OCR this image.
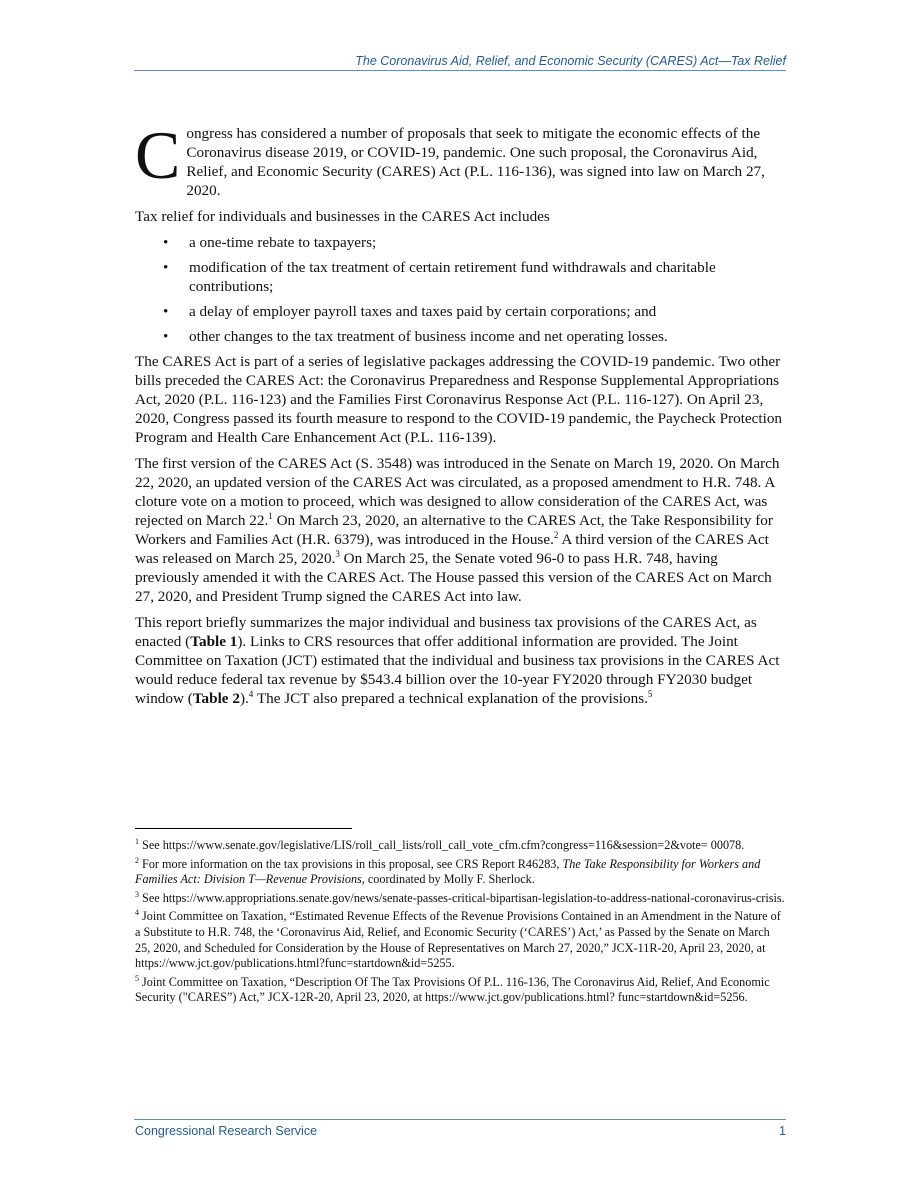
The Coronavirus Aid, Relief, and Economic Security (CARES) Act—Tax Relief

Congress has considered a number of proposals that seek to mitigate the economic effects of the Coronavirus disease 2019, or COVID-19, pandemic. One such proposal, the Coronavirus Aid, Relief, and Economic Security (CARES) Act (P.L. 116-136), was signed into law on March 27, 2020.

Tax relief for individuals and businesses in the CARES Act includes

• a one-time rebate to taxpayers;
• modification of the tax treatment of certain retirement fund withdrawals and charitable contributions;
• a delay of employer payroll taxes and taxes paid by certain corporations; and
• other changes to the tax treatment of business income and net operating losses.

The CARES Act is part of a series of legislative packages addressing the COVID-19 pandemic. Two other bills preceded the CARES Act: the Coronavirus Preparedness and Response Supplemental Appropriations Act, 2020 (P.L. 116-123) and the Families First Coronavirus Response Act (P.L. 116-127). On April 23, 2020, Congress passed its fourth measure to respond to the COVID-19 pandemic, the Paycheck Protection Program and Health Care Enhancement Act (P.L. 116-139).

The first version of the CARES Act (S. 3548) was introduced in the Senate on March 19, 2020. On March 22, 2020, an updated version of the CARES Act was circulated, as a proposed amendment to H.R. 748. A cloture vote on a motion to proceed, which was designed to allow consideration of the CARES Act, was rejected on March 22.$^1$ On March 23, 2020, an alternative to the CARES Act, the Take Responsibility for Workers and Families Act (H.R. 6379), was introduced in the House.$^2$ A third version of the CARES Act was released on March 25, 2020.$^3$ On March 25, the Senate voted 96-0 to pass H.R. 748, having previously amended it with the CARES Act. The House passed this version of the CARES Act on March 27, 2020, and President Trump signed the CARES Act into law.

This report briefly summarizes the major individual and business tax provisions of the CARES Act, as enacted (Table 1). Links to CRS resources that offer additional information are provided. The Joint Committee on Taxation (JCT) estimated that the individual and business tax provisions in the CARES Act would reduce federal tax revenue by $543.4 billion over the 10-year FY2020 through FY2030 budget window (Table 2).$^4$ The JCT also prepared a technical explanation of the provisions.$^5$

$^1$ See https://www.senate.gov/legislative/LIS/roll_call_lists/roll_call_vote_cfm.cfm?congress=116&session=2&vote= 00078.

$^2$ For more information on the tax provisions in this proposal, see CRS Report R46283, The Take Responsibility for Workers and Families Act: Division T—Revenue Provisions, coordinated by Molly F. Sherlock.

$^3$ See https://www.appropriations.senate.gov/news/senate-passes-critical-bipartisan-legislation-to-address-national-coronavirus-crisis.

$^4$ Joint Committee on Taxation, “Estimated Revenue Effects of the Revenue Provisions Contained in an Amendment in the Nature of a Substitute to H.R. 748, the ‘Coronavirus Aid, Relief, and Economic Security (‘CARES’) Act,’ as Passed by the Senate on March 25, 2020, and Scheduled for Consideration by the House of Representatives on March 27, 2020,” JCX-11R-20, April 23, 2020, at https://www.jct.gov/publications.html?func=startdown&id=5255.

$^5$ Joint Committee on Taxation, “Description Of The Tax Provisions Of P.L. 116-136, The Coronavirus Aid, Relief, And Economic Security ("CARES”) Act,” JCX-12R-20, April 23, 2020, at https://www.jct.gov/publications.html? func=startdown&id=5256.

Congressional Research Service	1
